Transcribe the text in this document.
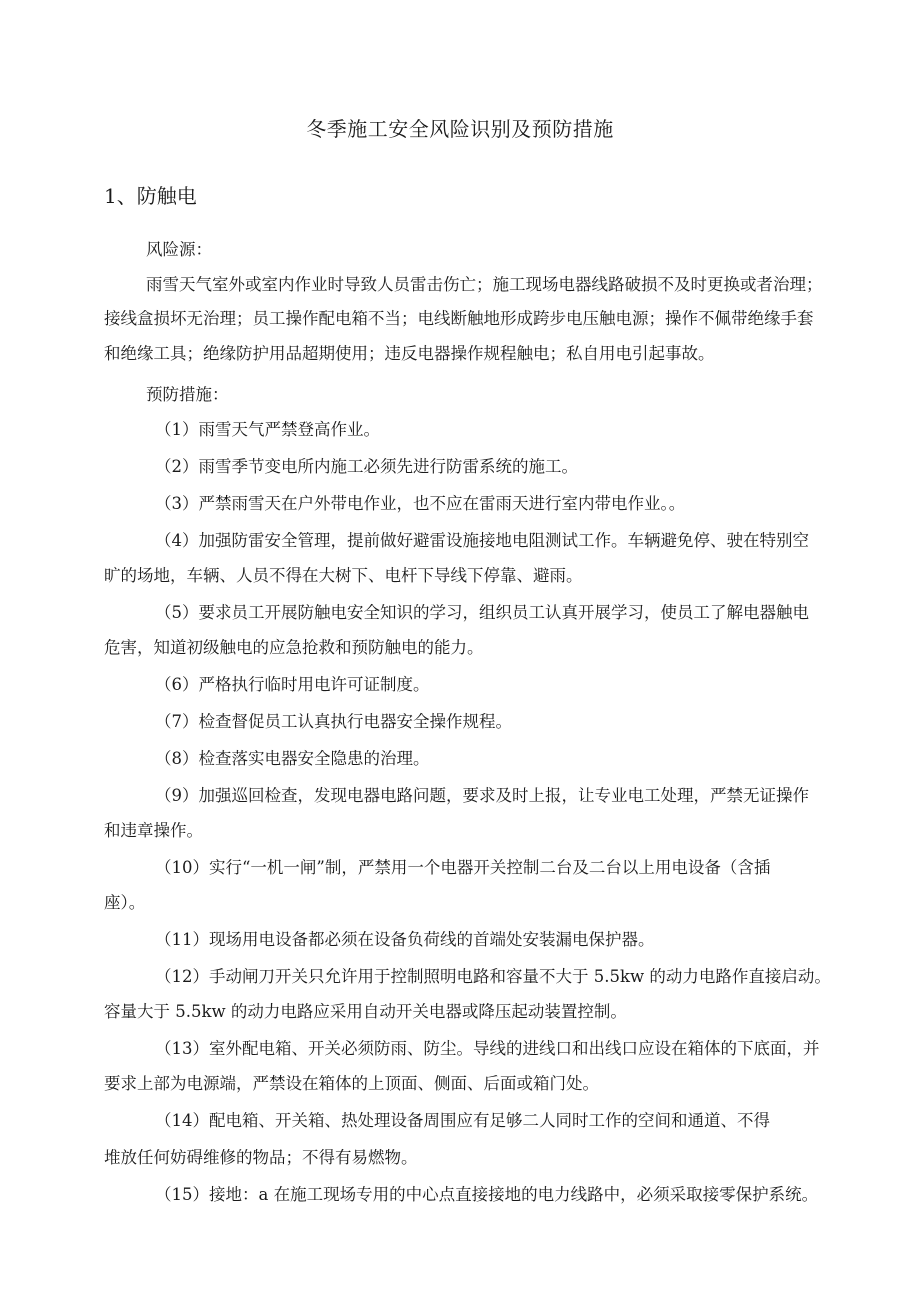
冬季施工安全风险识别及预防措施
1、防触电
风险源：
雨雪天气室外或室内作业时导致人员雷击伤亡；施工现场电器线路破损不及时更换或者治理；
接线盒损坏无治理；员工操作配电箱不当；电线断触地形成跨步电压触电源；操作不佩带绝缘手套
和绝缘工具；绝缘防护用品超期使用；违反电器操作规程触电；私自用电引起事故。
预防措施：
（1）雨雪天气严禁登高作业。
（2）雨雪季节变电所内施工必须先进行防雷系统的施工。
（3）严禁雨雪天在户外带电作业，也不应在雷雨天进行室内带电作业。。
（4）加强防雷安全管理，提前做好避雷设施接地电阻测试工作。车辆避免停、驶在特别空
旷的场地，车辆、人员不得在大树下、电杆下导线下停靠、避雨。
（5）要求员工开展防触电安全知识的学习，组织员工认真开展学习，使员工了解电器触电
危害，知道初级触电的应急抢救和预防触电的能力。
（6）严格执行临时用电许可证制度。
（7）检查督促员工认真执行电器安全操作规程。
（8）检查落实电器安全隐患的治理。
（9）加强巡回检查，发现电器电路问题，要求及时上报，让专业电工处理，严禁无证操作
和违章操作。
（10）实行“一机一闸”制，严禁用一个电器开关控制二台及二台以上用电设备（含插
座）。
（11）现场用电设备都必须在设备负荷线的首端处安装漏电保护器。
（12）手动闸刀开关只允许用于控制照明电路和容量不大于 5.5kw 的动力电路作直接启动。
容量大于 5.5kw 的动力电路应采用自动开关电器或降压起动装置控制。
（13）室外配电箱、开关必须防雨、防尘。导线的进线口和出线口应设在箱体的下底面，并
要求上部为电源端，严禁设在箱体的上顶面、侧面、后面或箱门处。
（14）配电箱、开关箱、热处理设备周围应有足够二人同时工作的空间和通道、不得
堆放任何妨碍维修的物品；不得有易燃物。
（15）接地：a 在施工现场专用的中心点直接接地的电力线路中，必须采取接零保护系统。
